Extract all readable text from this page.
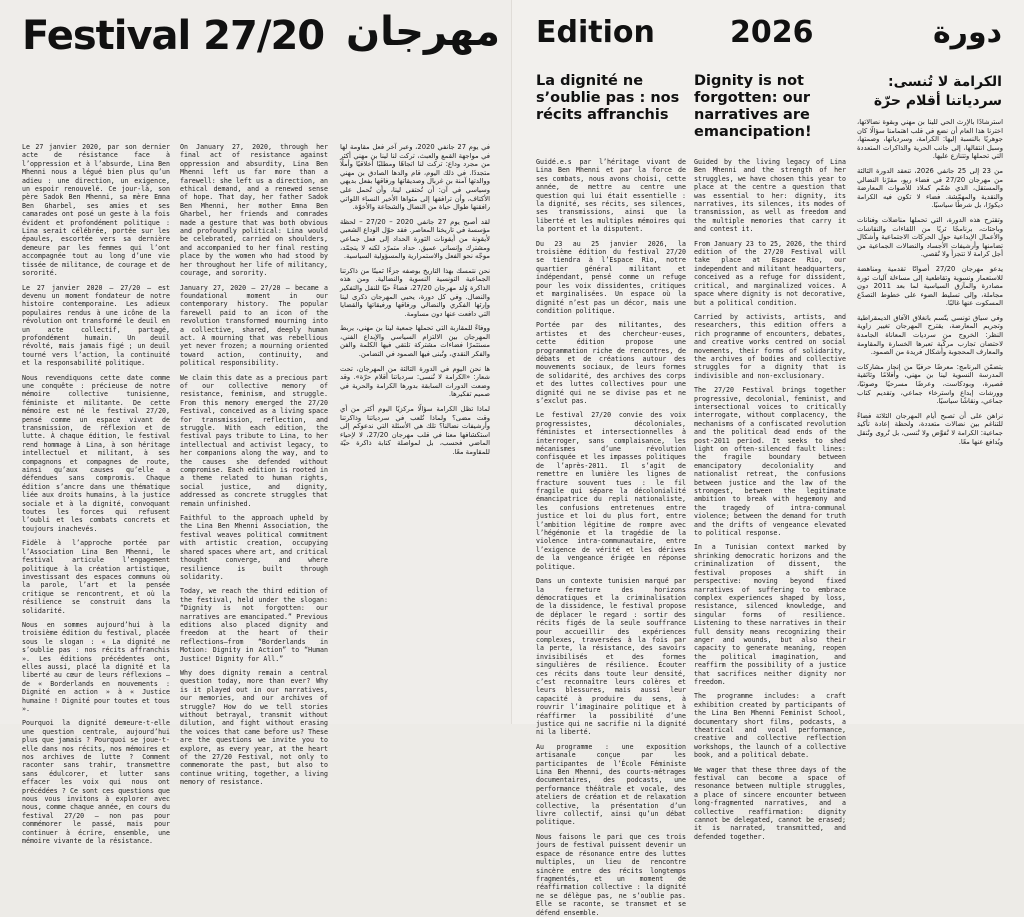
Festival 27/20 مهرجان

Le 27 janvier 2020, par son dernier acte de résistance face à l’oppression et à l’absurde, Lina Ben Mhenni nous a légué bien plus qu’un adieu : une direction, un exigence, un espoir renouvelé. Ce jour-là, son père Sadok Ben Mhenni, sa mère Emna Ben Gharbel, ses amies et ses camarades ont posé un geste à la fois évident et profondément politique : Lina serait célébrée, portée sur les épaules, escortée vers sa dernière demeure par les femmes qui l’ont accompagnée tout au long d’une vie tissée de militance, de courage et de sororité.

Le 27 janvier 2020 – 27/20 – est devenu un moment fondateur de notre histoire contemporaine. Les adieux populaires rendus à une icône de la révolution ont transformé le deuil en un acte collectif, partagé, profondément humain. Un deuil révolté, mais jamais figé ; un deuil tourné vers l’action, la continuité et la responsabilité politique.

Nous revendiquons cette date comme une conquête : précieuse de notre mémoire collective tunisienne, féministe et militante. De cette mémoire est né le festival 27/20, pensé comme un espace vivant de transmission, de réflexion et de lutte. À chaque édition, le festival rend hommage à Lina, à son héritage intellectuel et militant, à ses compagnons et compagnes de route, ainsi qu’aux causes qu’elle a défendues sans compromis. Chaque édition s’ancre dans une thématique liée aux droits humains, à la justice sociale et à la dignité, convoquant toutes les forces qui refusent l’oubli et les combats concrets et toujours inachevés.

Fidèle à l’approche portée par l’Association Lina Ben Mhenni, le festival articule l’engagement politique à la création artistique, investissant des espaces communs où la parole, l’art et la pensée critique se rencontrent, et où la résilience se construit dans la solidarité.

Nous en sommes aujourd’hui à la troisième édition du festival, placée sous le slogan : « La dignité ne s’oublie pas : nos récits affranchis ». Les éditions précédentes ont, elles aussi, placé la dignité et la liberté au cœur de leurs réflexions – de « Borderlands en mouvements : Dignité en action » à « Justice humaine ! Dignité pour toutes et tous ».

Pourquoi la dignité demeure-t-elle une question centrale, aujourd’hui plus que jamais ? Pourquoi se joue-t-elle dans nos récits, nos mémoires et nos archives de lutte ? Comment raconter sans trahir, transmettre sans édulcorer, et lutter sans effacer les voix qui nous ont précédées ? Ce sont ces questions que nous vous invitons à explorer avec nous, comme chaque année, en cours du festival 27/20 – non pas pour commémorer le passé, mais pour continuer à écrire, ensemble, une mémoire vivante de la résistance.

On January 27, 2020, through her final act of resistance against oppression and absurdity, Lina Ben Mhenni left us far more than a farewell: she left us a direction, an ethical demand, and a renewed sense of hope. That day, her father Sadok Ben Mhenni, her mother Emna Ben Gharbel, her friends and comrades made a gesture that was both obvious and profoundly political: Lina would be celebrated, carried on shoulders, and accompanied to her final resting place by the women who had stood by her throughout her life of militancy, courage, and sorority.

January 27, 2020 – 27/20 – became a foundational moment in our contemporary history. The popular farewell paid to an icon of the revolution transformed mourning into a collective, shared, deeply human act. A mourning that was rebellious yet never frozen; a mourning oriented toward action, continuity, and political responsibility.

We claim this date as a precious part of our collective memory of resistance, feminism, and struggle. From this memory emerged the 27/20 Festival, conceived as a living space for transmission, reflection, and struggle. With each edition, the festival pays tribute to Lina, to her intellectual and activist legacy, to her companions along the way, and to the causes she defended without compromise. Each edition is rooted in a theme related to human rights, social justice, and dignity, addressed as concrete struggles that remain unfinished.

Faithful to the approach upheld by the Lina Ben Mhenni Association, the festival weaves political commitment with artistic creation, occupying shared spaces where art, and critical thought converge, and where resilience is built through solidarity.

Today, we reach the third edition of the festival, held under the slogan: “Dignity is not forgotten: our narratives are emancipated.” Previous editions also placed dignity and freedom at the heart of their reflections—from “Borderlands in Motion: Dignity in Action” to “Human Justice! Dignity for All.”

Why does dignity remain a central question today, more than ever? Why is it played out in our narratives, our memories, and our archives of struggle? How do we tell stories without betrayal, transmit without dilution, and fight without erasing the voices that came before us? These are the questions we invite you to explore, as every year, at the heart of the 27/20 Festival, not only to commemorate the past, but also to continue writing, together, a living memory of resistance.

في يوم 27 جانفي 2020، وعبر آخر فعل مقاومة لها في مواجهة القمع والعبث، تركت لنا لينا بن مهني أكثر من مجرد وداع: تركت لنا اتجاهًا ومطلبًا أخلاقيًا وأملًا متجددًا. في ذلك اليوم، قام والدها الصادق بن مهني ووالدتها آمنة بن غربال وصديقاتها ورفاقها بفعل بديهي وسياسي في آن: أن تُحتفى لينا، وأن تُحمل على الأكتاف، وأن ترافقها إلى مثواها الأخير النساء اللواتي رافقنها طوال حياة من النضال والشجاعة والأخوّة.

لقد أصبح يوم 27 جانفي 2020 – 27/20 – لحظة مؤسسة في تاريخنا المعاصر. فقد حوّل الوداع الشعبي لأيقونة من أيقونات الثورة الحداد إلى فعل جماعي ومشترك وإنساني عميق. حداد متمرّد لكنه لا يتجمّد، موجّه نحو الفعل والاستمرارية والمسؤولية السياسية.

نحن نتمسك بهذا التاريخ بوصفه جزءًا ثمينًا من ذاكرتنا الجماعية التونسية النسوية والنضالية. ومن هذه الذاكرة وُلد مهرجان 27/20، فضاءً حيًا للنقل والتفكير والنضال. وفي كل دورة، يحيي المهرجان ذكرى لينا وإرثها الفكري والنضالي ورفاقها ورفيقاتها والقضايا التي دافعت عنها دون مساومة.

ووفاءً للمقاربة التي تحملها جمعية لينا بن مهني، يربط المهرجان بين الالتزام السياسي والإبداع الفني، مستثمرًا فضاءات مشتركة تلتقي فيها الكلمة والفن والفكر النقدي، وتُبنى فيها الصمود في التضامن.

ها نحن اليوم في الدورة الثالثة من المهرجان، تحت شعار: «الكرامة لا تُنسى: سردياتنا أقلام حرّة». وقد وضعت الدورات السابقة بدورها الكرامة والحرية في صميم تفكيرها.

لماذا تظل الكرامة سؤالًا مركزيًا اليوم أكثر من أي وقت مضى؟ ولماذا تُلعب في سردياتنا وذاكرتنا وأرشيفات نضالنا؟ تلك هي الأسئلة التي ندعوكم إلى استكشافها معنا في قلب مهرجان 27/20، لا لإحياء الماضي فحسب، بل لمواصلة كتابة ذاكرة حيّة للمقاومة معًا.

Edition	2026	دورة
La dignité ne s’oublie pas : nos récits affranchis
Dignity is not forgotten: our narratives are emancipation!
الكرامة لا تُنسى: سردياتنا أقلام حرّة

Guidé.e.s par l’héritage vivant de Lina Ben Mhenni et par la force de ses combats, nous avons choisi, cette année, de mettre au centre une question qui lui était essentielle : la dignité, ses récits, ses silences, ses transmissions, ainsi que la liberté et les multiples mémoires qui la portent et la disputent.

Du 23 au 25 janvier 2026, la troisième édition du festival 27/20 se tiendra à l’Espace Rio, notre quartier général militant et indépendant, pensé comme un refuge pour les voix dissidentes, critiques et marginalisées. Un espace où la dignité n’est pas un décor, mais une condition politique.

Portée par des militantes, des artistes et des chercheur·euses, cette édition propose une programmation riche de rencontres, de débats et de créations autour des mouvements sociaux, de leurs formes de solidarité, des archives des corps et des luttes collectives pour une dignité qui ne se divise pas et ne s’exclut pas.

Le festival 27/20 convie des voix progressistes, décoloniales, féministes et intersectionnelles à interroger, sans complaisance, les mécanismes d’une révolution confisquée et les impasses politiques de l’après-2011. Il s’agit de remettre en lumière les lignes de fracture souvent tues : le fil fragile qui sépare la décolonialité émancipatrice du repli nationaliste, les confusions entretenues entre justice et loi du plus fort, entre l’ambition légitime de rompre avec l’hégémonie et la tragédie de la violence intra-communautaire, entre l’exigence de vérité et les dérives de la vengeance érigée en réponse politique.

Dans un contexte tunisien marqué par la fermeture des horizons démocratiques et la criminalisation de la dissidence, le festival propose de déplacer le regard : sortir des récits figés de la seule souffrance pour accueillir des expériences complexes, traversées à la fois par la perte, la résistance, des savoirs invisibilisés et des formes singulières de résilience. Écouter ces récits dans toute leur densité, c’est reconnaître leurs colères et leurs blessures, mais aussi leur capacité à produire du sens, à rouvrir l’imaginaire politique et à réaffirmer la possibilité d’une justice qui ne sacrifie ni la dignité ni la liberté.

Au programme : une exposition artisanale conçue par les participantes de l’École Féministe Lina Ben Mhenni, des courts-métrages documentaires, des podcasts, une performance théâtrale et vocale, des ateliers de création et de relaxation collective, la présentation d’un livre collectif, ainsi qu’un débat politique.

Nous faisons le pari que ces trois jours de festival puissent devenir un espace de résonance entre des luttes multiples, un lieu de rencontre sincère entre des récits longtemps fragmentés, et un moment de réaffirmation collective : la dignité ne se délègue pas, ne s’oublie pas. Elle se raconte, se transmet et se défend ensemble.

Guided by the living legacy of Lina Ben Mhenni and the strength of her struggles, we have chosen this year to place at the centre a question that was essential to her: dignity, its narratives, its silences, its modes of transmission, as well as freedom and the multiple memories that carry it and contest it.

From January 23 to 25, 2026, the third edition of the 27/20 Festival will take place at Espace Rio, our independent and militant headquarters, conceived as a refuge for dissident, critical, and marginalized voices. A space where dignity is not decorative, but a political condition.

Carried by activists, artists, and researchers, this edition offers a rich programme of encounters, debates, and creative works centred on social movements, their forms of solidarity, the archives of bodies and collective struggles for a dignity that is indivisible and non-exclusionary.

The 27/20 Festival brings together progressive, decolonial, feminist, and intersectional voices to critically interrogate, without complacency, the mechanisms of a confiscated revolution and the political dead ends of the post-2011 period. It seeks to shed light on often-silenced fault lines: the fragile boundary between emancipatory decoloniality and nationalist retreat, the confusions between justice and the law of the strongest, between the legitimate ambition to break with hegemony and the tragedy of intra-communal violence; between the demand for truth and the drifts of vengeance elevated to political response.

In a Tunisian context marked by shrinking democratic horizons and the criminalization of dissent, the festival proposes a shift in perspective: moving beyond fixed narratives of suffering to embrace complex experiences shaped by loss, resistance, silenced knowledge, and singular forms of resilience. Listening to these narratives in their full density means recognizing their anger and wounds, but also their capacity to generate meaning, reopen the political imagination, and reaffirm the possibility of a justice that sacrifices neither dignity nor freedom.

The programme includes: a craft exhibition created by participants of the Lina Ben Mhenni Feminist School, documentary short films, podcasts, a theatrical and vocal performance, creative and collective reflection workshops, the launch of a collective book, and a political debate.

We wager that these three days of the festival can become a space of resonance between multiple struggles, a place of sincere encounter between long-fragmented narratives, and a collective reaffirmation: dignity cannot be delegated, cannot be erased; it is narrated, transmitted, and defended together.

استرشادًا بالإرث الحي للينا بن مهني وبقوة نضالاتها، اخترنا هذا العام أن نضع في قلب اهتمامنا سؤالًا كان جوهريًا بالنسبة إليها: الكرامة، وسردياتها، وصمتها، وسبل انتقالها، إلى جانب الحرية والذاكرات المتعددة التي تحملها وتتنازع عليها.

من 23 إلى 25 جانفي 2026، تنعقد الدورة الثالثة من مهرجان 27/20 في فضاء ريو، مقرّنا النضالي والمستقل، الذي صُمّم كملاذ للأصوات المعارضة والنقدية والمهمّشة. فضاء لا تكون فيه الكرامة ديكورًا، بل شرطًا سياسيًا.

وتقترح هذه الدورة، التي تحملها مناضلات وفنانات وباحثات، برنامجًا ثريًا من اللقاءات والنقاشات والأعمال الإبداعية حول الحركات الاجتماعية وأشكال تضامنها وأرشيفات الأجساد والنضالات الجماعية من أجل كرامة لا تتجزأ ولا تُقصي.

يدعو مهرجان 27/20 أصواتًا تقدمية ومناهضة للاستعمار ونسوية وتقاطعية إلى مساءلة آليات ثورة مصادرة والمآزق السياسية لما بعد 2011 دون مجاملة، وإلى تسليط الضوء على خطوط التصدّع المسكوت عنها غالبًا.

وفي سياق تونسي يتّسم بانغلاق الآفاق الديمقراطية وتجريم المعارضة، يقترح المهرجان تغيير زاوية النظر: الخروج من سرديات المعاناة الجامدة لاحتضان تجارب مركّبة تعبرها الخسارة والمقاومة والمعارف المحجوبة وأشكال فريدة من الصمود.

يتضمّن البرنامج: معرضًا حرفيًا من إنجاز مشاركات المدرسة النسوية لينا بن مهني، وأفلامًا وثائقية قصيرة، وبودكاست، وعرضًا مسرحيًا وصوتيًا، وورشات إبداع واسترخاء جماعي، وتقديم كتاب جماعي، ونقاشًا سياسيًا.

نراهن على أن تصبح أيام المهرجان الثلاثة فضاءً للتناغم بين نضالات متعددة، ولحظة إعادة تأكيد جماعية: الكرامة لا تُفوَّض ولا تُنسى، بل تُروى وتُنقل ويُدافع عنها معًا.
